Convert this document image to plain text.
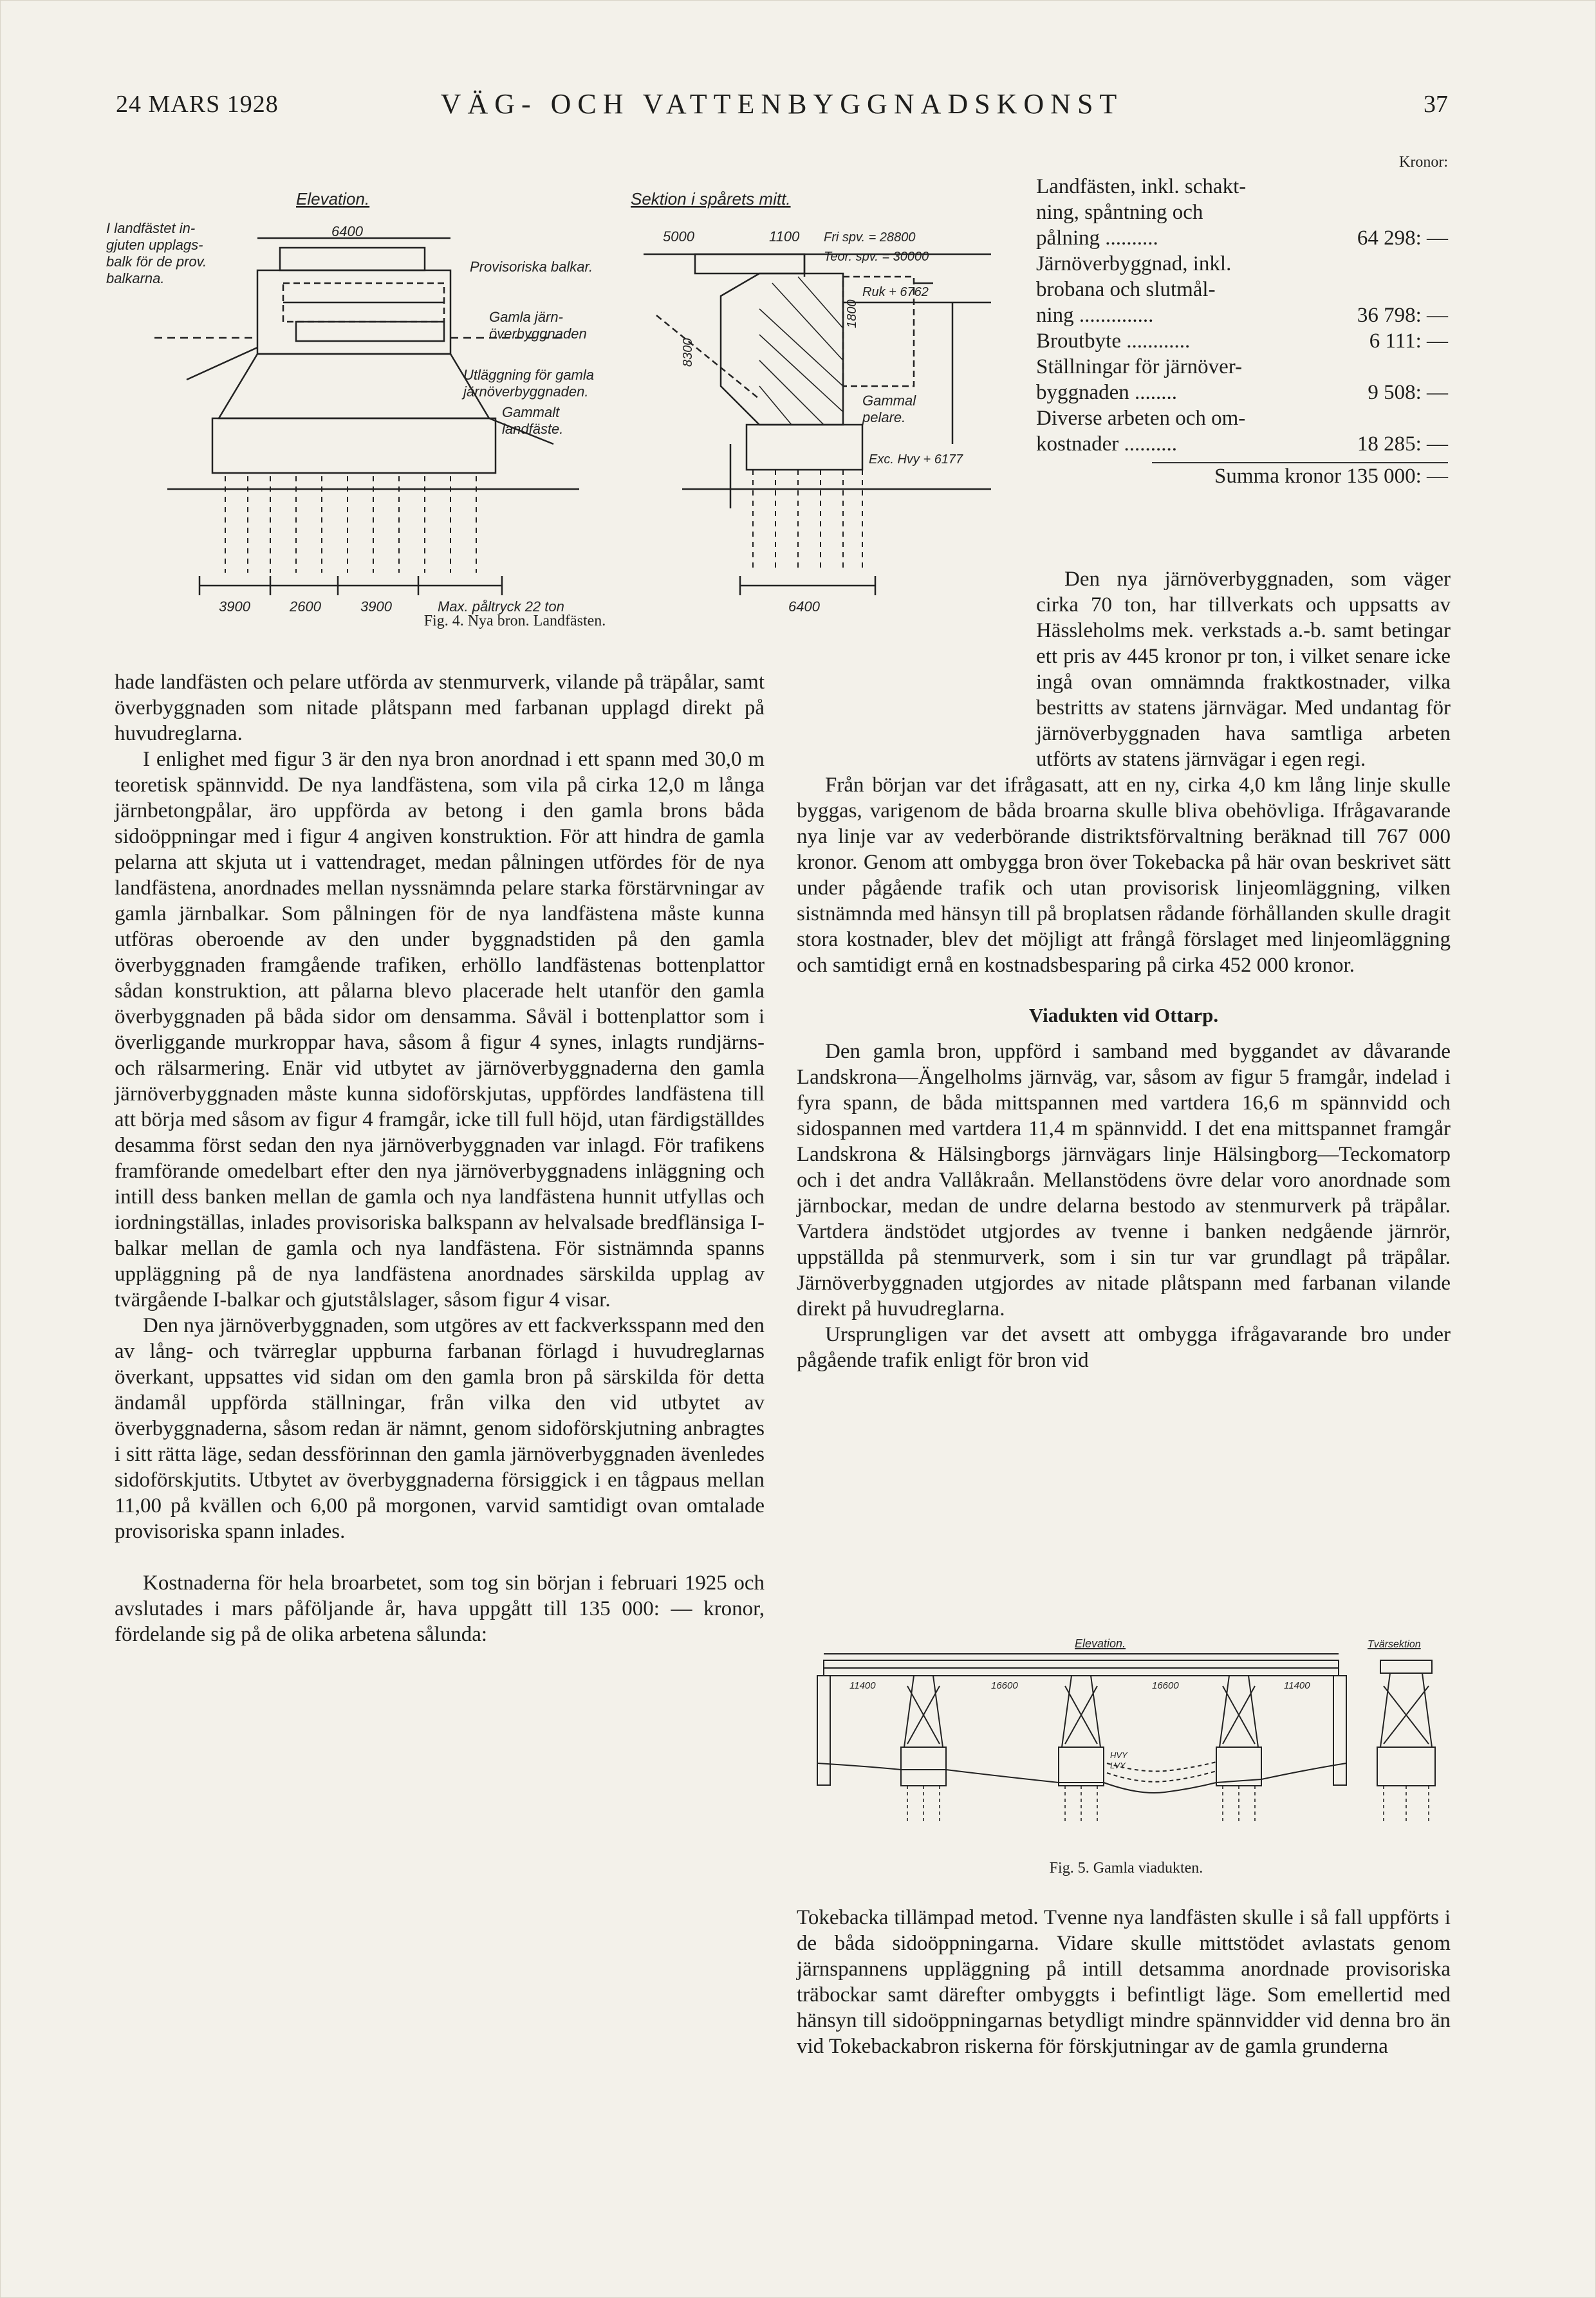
24 MARS 1928	VÄG- OCH VATTENBYGGNADSKONST	37
Elevation.	Sektion i spårets mitt.
I landfästet in-
gjuten upplags-
balk för de prov.
balkarna.
6400
Provisoriska balkar.
Gamla järn-
överbyggnaden
Utläggning för gamla
järnöverbyggnaden.
Gammalt
landfäste.
5000	1100 Fri spv. = 28800
Teor. spv. = 30000
Ruk + 6762
Gammal
pelare.
Exc. Hvy + 6177
8300
1800
3900	2600	3900	Max. påltryck 22 ton	6400
Fig. 4. Nya bron. Landfästen.
Kronor:
Landfästen, inkl. schakt-
ning, spåntning och
pålning ..........	64 298: —
Järnöverbyggnad, inkl.
brobana och slutmål-
ning ..............	36 798: —
Broutbyte ............	6 111: —
Ställningar för järnöver-
byggnaden ........	9 508: —
Diverse arbeten och om-
kostnader ..........	18 285: —
Summa kronor 135 000: —

hade landfästen och pelare utförda av stenmurverk, vilande på träpålar, samt överbyggnaden som nitade plåtspann med farbanan upplagd direkt på huvudreglarna.

I enlighet med figur 3 är den nya bron anordnad i ett spann med 30,0 m teoretisk spännvidd. De nya landfästena, som vila på cirka 12,0 m långa järnbetongpålar, äro uppförda av betong i den gamla brons båda sidoöppningar med i figur 4 angiven konstruktion. För att hindra de gamla pelarna att skjuta ut i vattendraget, medan pålningen utfördes för de nya landfästena, anordnades mellan nyssnämnda pelare starka förstärvningar av gamla järnbalkar. Som pålningen för de nya landfästena måste kunna utföras oberoende av den under byggnadstiden på den gamla överbyggnaden framgående trafiken, erhöllo landfästenas bottenplattor sådan konstruktion, att pålarna blevo placerade helt utanför den gamla överbyggnaden på båda sidor om densamma. Såväl i bottenplattor som i överliggande murkroppar hava, såsom å figur 4 synes, inlagts rundjärns- och rälsarmering. Enär vid utbytet av järnöverbyggnaderna den gamla järnöverbyggnaden måste kunna sidoförskjutas, uppfördes landfästena till att börja med såsom av figur 4 framgår, icke till full höjd, utan färdigställdes desamma först sedan den nya järnöverbyggnaden var inlagd. För trafikens framförande omedelbart efter den nya järnöverbyggnadens inläggning och intill dess banken mellan de gamla och nya landfästena hunnit utfyllas och iordningställas, inlades provisoriska balkspann av helvalsade bredflänsiga I-balkar mellan de gamla och nya landfästena. För sistnämnda spanns uppläggning på de nya landfästena anordnades särskilda upplag av tvärgående I-balkar och gjutstålslager, såsom figur 4 visar.

Den nya järnöverbyggnaden, som utgöres av ett fackverksspann med den av lång- och tvärreglar uppburna farbanan förlagd i huvudreglarnas överkant, uppsattes vid sidan om den gamla bron på särskilda för detta ändamål uppförda ställningar, från vilka den vid utbytet av överbyggnaderna, såsom redan är nämnt, genom sidoförskjutning anbragtes i sitt rätta läge, sedan dessförinnan den gamla järnöverbyggnaden ävenledes sidoförskjutits. Utbytet av överbyggnaderna försiggick i en tågpaus mellan 11,00 på kvällen och 6,00 på morgonen, varvid samtidigt ovan omtalade provisoriska spann inlades.

Kostnaderna för hela broarbetet, som tog sin början i februari 1925 och avslutades i mars påföljande år, hava uppgått till 135 000: — kronor, fördelande sig på de olika arbetena sålunda:

Den nya järnöverbyggnaden, som väger cirka 70 ton, har tillverkats och uppsatts av Hässleholms mek. verkstads a.-b. samt betingar ett pris av 445 kronor pr ton, i vilket senare icke ingå ovan omnämnda fraktkostnader, vilka bestritts av statens järnvägar. Med undantag för järnöverbyggnaden hava samtliga arbeten utförts av statens järnvägar i egen regi.

Från början var det ifrågasatt, att en ny, cirka 4,0 km lång linje skulle byggas, varigenom de båda broarna skulle bliva obehövliga. Ifrågavarande nya linje var av vederbörande distriktsförvaltning beräknad till 767 000 kronor. Genom att ombygga bron över Tokebacka på här ovan beskrivet sätt under pågående trafik och utan provisorisk linjeomläggning, vilken sistnämnda med hänsyn till på broplatsen rådande förhållanden skulle dragit stora kostnader, blev det möjligt att frångå förslaget med linjeomläggning och samtidigt ernå en kostnadsbesparing på cirka 452 000 kronor.

Viadukten vid Ottarp.

Den gamla bron, uppförd i samband med byggandet av dåvarande Landskrona—Ängelholms järnväg, var, såsom av figur 5 framgår, indelad i fyra spann, de båda mittspannen med vartdera 16,6 m spännvidd och sidospannen med vartdera 11,4 m spännvidd. I det ena mittspannet framgår Landskrona & Hälsingborgs järnvägars linje Hälsingborg—Teckomatorp och i det andra Vallåkraån. Mellanstödens övre delar voro anordnade som järnbockar, medan de undre delarna bestodo av stenmurverk på träpålar. Vartdera ändstödet utgjordes av tvenne i banken nedgående järnrör, uppställda på stenmurverk, som i sin tur var grundlagt på träpålar. Järnöverbyggnaden utgjordes av nitade plåtspann med farbanan vilande direkt på huvudreglarna.

Ursprungligen var det avsett att ombygga ifrågavarande bro under pågående trafik enligt för bron vid

Elevation.	Tvärsektion
11400	16600	16600	11400
HVY
LVY
Fig. 5. Gamla viadukten.

Tokebacka tillämpad metod. Tvenne nya landfästen skulle i så fall uppförts i de båda sidoöppningarna. Vidare skulle mittstödet avlastats genom järnspannens uppläggning på intill detsamma anordnade provisoriska träbockar samt därefter ombyggts i befintligt läge. Som emellertid med hänsyn till sidoöppningarnas betydligt mindre spännvidder vid denna bro än vid Tokebackabron riskerna för förskjutningar av de gamla grunderna
